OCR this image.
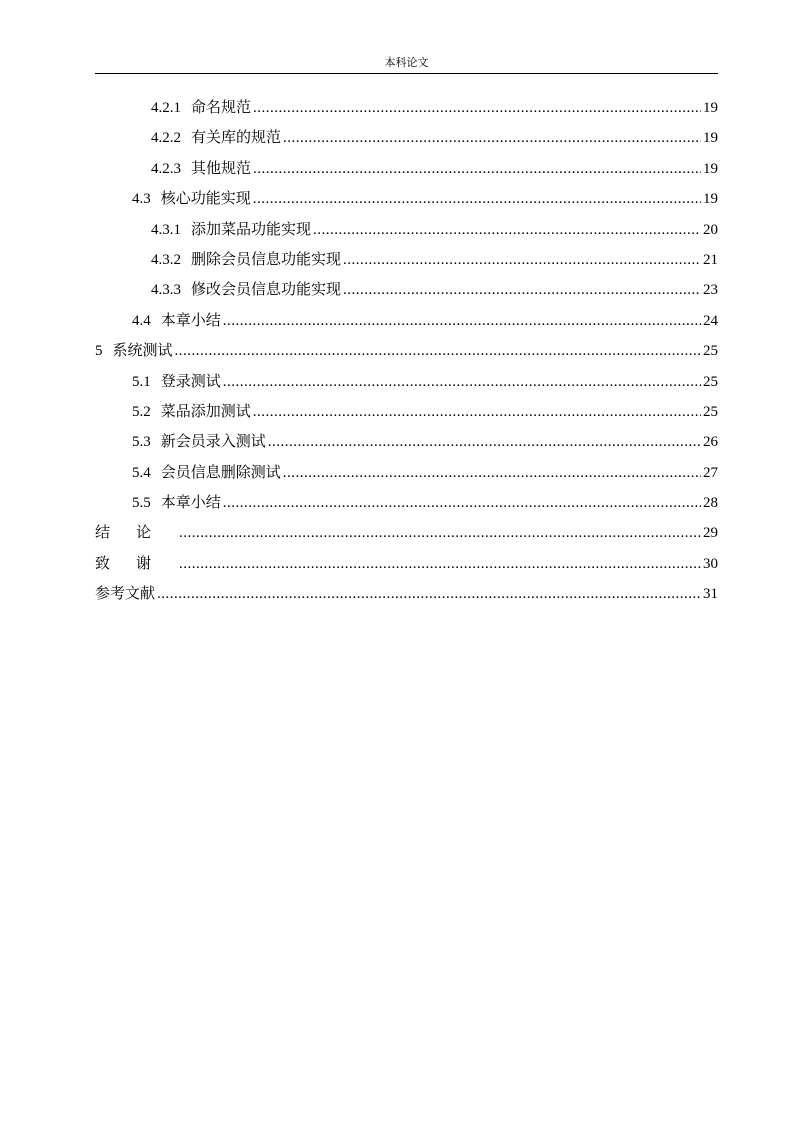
本科论文
4.2.1 命名规范 .....	19
4.2.2 有关库的规范 .....	19
4.2.3 其他规范 .....	19
4.3 核心功能实现 .....	19
4.3.1 添加菜品功能实现 .....	20
4.3.2 删除会员信息功能实现 .....	21
4.3.3 修改会员信息功能实现 .....	23
4.4 本章小结 .....	24
5 系统测试 .....	25
5.1 登录测试 .....	25
5.2 菜品添加测试 .....	25
5.3 新会员录入测试 .....	26
5.4 会员信息删除测试 .....	27
5.5 本章小结 .....	28
结论 .....	29
致谢 .....	30
参考文献 .....	31
